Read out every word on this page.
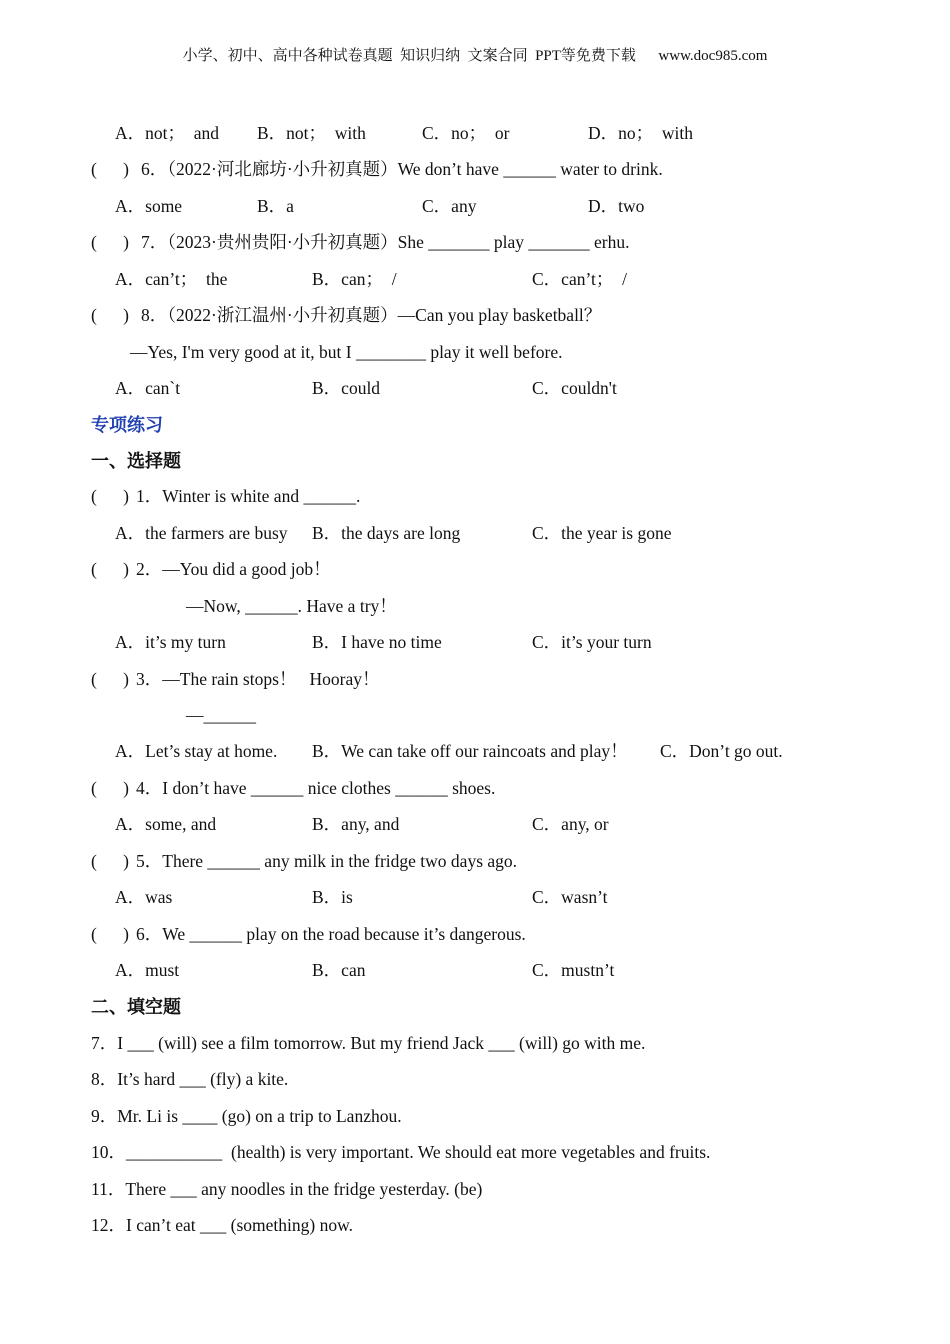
小学、初中、高中各种试卷真题  知识归纳  文案合同  PPT等免费下载      www.doc985.com
A．not；  and B．not；  with	C．no；  or	D．no；  with
(      ) 6．（2022·河北廊坊·小升初真题）We don’t have ______ water to drink.
A．some	B．a	C．any	D．two
(      ) 7．（2023·贵州贵阳·小升初真题）She _______ play _______ erhu.
A．can’t；  the	B．can；  /	C．can’t；  /
(      ) 8．（2022·浙江温州·小升初真题）—Can you play basketball？
—Yes, I'm very good at it, but I ________ play it well before.
A．can`t	B．could	C．couldn't
专项练习
一、选择题
(      ) 1．Winter is white and ______.
A．the farmers are busy B．the days are long	C．the year is gone
(      ) 2．—You did a good job！
—Now, ______. Have a try！
A．it’s my turn	B．I have no time	C．it’s your turn
(      ) 3．—The rain stops！   Hooray！
—______
A．Let’s stay at home. B．We can take off our raincoats and play！ C．Don’t go out.
(      ) 4．I don’t have ______ nice clothes ______ shoes.
A．some, and	B．any, and	C．any, or
(      ) 5．There ______ any milk in the fridge two days ago.
A．was	B．is	C．wasn’t
(      ) 6．We ______ play on the road because it’s dangerous.
A．must	B．can	C．mustn’t
二、填空题
7．I ___ (will) see a film tomorrow. But my friend Jack ___ (will) go with me.
8．It’s hard ___ (fly) a kite.
9．Mr. Li is ____ (go) on a trip to Lanzhou.
10．___________  (health) is very important. We should eat more vegetables and fruits.
11．There ___ any noodles in the fridge yesterday. (be)
12．I can’t eat ___ (something) now.
